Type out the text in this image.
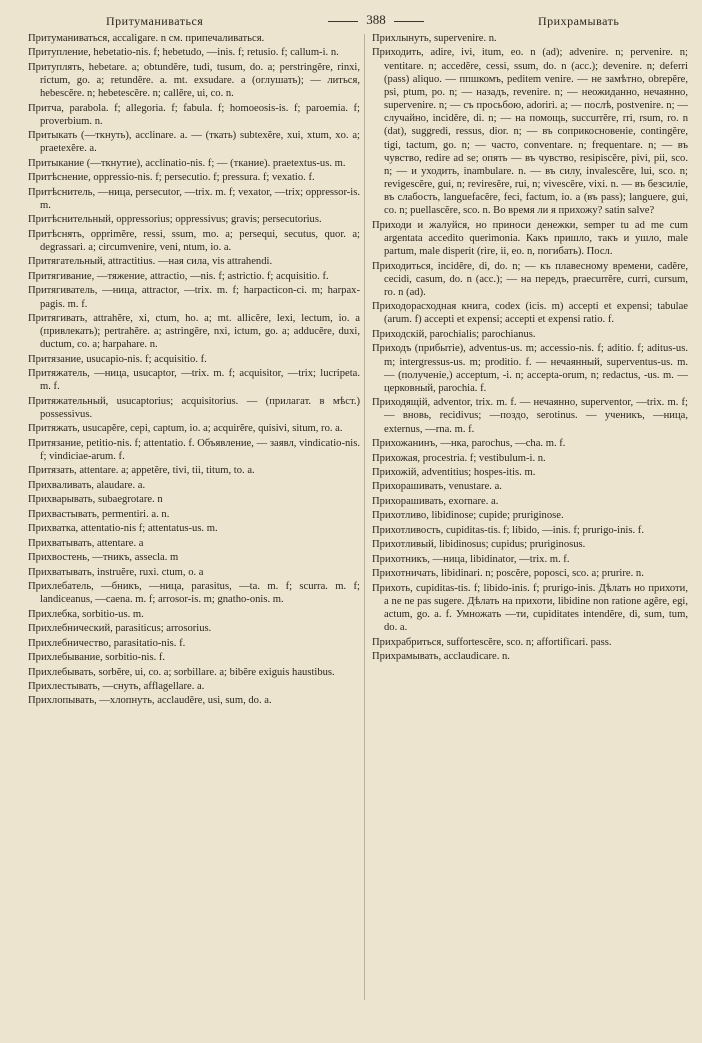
Притуманиваться	388	Прихрамывать

Притуманиваться, accaligare. n см. припечаливаться.

Притупление, hebetatio-nis. f; hebetudo, —inis. f; retusio. f; callum-i. n.

Притуплять, hebetare. a; obtundĕre, tudi, tusum, do. a; perstringĕre, rinxi, rictum, go. a; retundĕre. a. mt. exsudare. a (оглушать); — литься, hebescĕre. n; hebetescĕre. n; callĕre, ui, co. n.

Притча, parabola. f; allegoria. f; fabula. f; homoeosis-is. f; paroemia. f; proverbium. n.

Притыкать (—ткнуть), acclinare. a. — (ткать) subtexĕre, xui, xtum, xo. a; praetexĕre. a.

Притыкание (—ткнутие), acclinatio-nis. f; — (ткание). praetextus-us. m.

Притѣснение, oppressio-nis. f; persecutio. f; pressura. f; vexatio. f.

Притѣснитель, —ница, persecutor, —trix. m. f; vexator, —trix; oppressor-is. m.

Притѣснительный, oppressorius; oppressivus; gravis; persecutorius.

Притѣснять, opprimĕre, ressi, ssum, mo. a; persequi, secutus, quor. a; degrassari. a; circumvenire, veni, ntum, io. a.

Притягательный, attractitius. —ная сила, vis attrahendi.

Притягивание, —тяжение, attractio, —nis. f; astrictio. f; acquisitio. f.

Притягиватель, —ница, attractor, —trix. m. f; harpacticon-ci. m; harpax-pagis. m. f.

Притягивать, attrahĕre, xi, ctum, ho. a; mt. allicĕre, lexi, lectum, io. a (привлекать); pertrahĕre. a; astringĕre, nxi, ictum, go. a; adducĕre, duxi, ductum, co. a; harpahare. n.

Притязание, usucapio-nis. f; acquisitio. f.

Притяжатель, —ница, usucaptor, —trix. m. f; acquisitor, —trix; lucripeta. m. f.

Притяжательный, usucaptorius; acquisitorius. — (прилагат. в мѣст.) possessivus.

Притяжать, usucapĕre, cepi, captum, io. a; acquirĕre, quisivi, situm, ro. a.

Притязание, petitio-nis. f; attentatio. f. Объявление, — заявл, vindicatio-nis. f; vindiciae-arum. f.

Притязать, attentare. a; appetĕre, tivi, tii, titum, to. a.

Прихваливать, alaudare. a.

Прихварывать, subaegrotare. n

Прихвастывать, permentiri. a. n.

Прихватка, attentatio-nis f; attentatus-us. m.

Прихватывать, attentare. a

Прихвостень, —тникъ, assecla. m

Прихватывать, instruĕre, ruxi. ctum, o. a

Прихлебатель, —бникъ, —ница, parasitus, —ta. m. f; scurra. m. f; landiceanus, —caena. m. f; arrosor-is. m; gnatho-onis. m.

Прихлебка, sorbitio-us. m.

Прихлебнический, parasiticus; arrosorius.

Прихлебничество, parasitatio-nis. f.

Прихлебывание, sorbitio-nis. f.

Прихлебывать, sorbĕre, ui, co. a; sorbillare. a; bibĕre exiguis haustibus.

Прихлестывать, —снуть, afflagellare. a.

Прихлопывать, —хлопнуть, acclaudĕre, usi, sum, do. a.

Прихлынуть, supervenire. n.

Приходить, adire, ivi, itum, eo. n (ad); advenire. n; pervenire. n; ventitare. n; accedĕre, cessi, ssum, do. n (acc.); devenire. n; deferri (pass) aliquo. — ппшкомъ, peditem venire. — не замѣтно, obrepĕre, psi, ptum, po. n; — назадъ, revenire. n; — неожиданно, нечаянно, supervenire. n; — съ просьбою, adoriri. a; — послѣ, postvenire. n; — случайно, incidĕre, di. n; — на помощь, succurrĕre, rri, rsum, ro. n (dat), suggredi, ressus, dior. n; — въ соприкосновеніе, contingĕre, tigi, tactum, go. n; — часто, conventare. n; frequentare. n; — въ чувство, redire ad se; опять — въ чувство, resipiscĕre, pivi, pii, sco. n; — и уходить, inambulare. n. — въ силу, invalescĕre, lui, sco. n; revigescĕre, gui, n; reviresĕre, rui, n; vivescĕre, vixi. n. — въ безсиліе, въ слабость, languefacĕre, feci, factum, io. a (въ pass); languere, gui, co. n; puellascĕre, sco. n. Во время ли я прихожу? satin salve?

Приходи и жалуйся, но приноси денежки, semper tu ad me cum argentata accedito querimonia. Какъ пришло, такъ и ушло, male partum, male disperit (rire, ii, eo. n, погибать). Посл.

Приходиться, incidĕre, di, do. n; — къ плавесному времени, cadĕre, cecidi, casum, do. n (acc.); — на передъ, praecurrĕre, curri, cursum, ro. n (ad).

Приходорасходная книга, codex (icis. m) accepti et expensi; tabulae (arum. f) accepti et expensi; accepti et expensi ratio. f.

Приходскій, parochialis; parochianus.

Приходъ (прибытіе), adventus-us. m; accessio-nis. f; aditio. f; aditus-us. m; intergressus-us. m; proditio. f. — нечаянный, superventus-us. m. — (полученіе,) acceptum, -i. n; accepta-orum, n; redactus, -us. m. — церковный, parochia. f.

Приходящій, adventor, trix. m. f. — нечаянно, superventor, —trix. m. f; — вновь, recidivus; —поздо, serotinus. — ученикъ, —ница, externus, —rna. m. f.

Прихожанинъ, —нка, parochus, —cha. m. f.

Прихожая, procestria. f; vestibulum-i. n.

Прихожій, adventitius; hospes-itis. m.

Прихорашивать, venustare. a.

Прихорашивать, exornare. a.

Прихотливо, libidinose; cupide; pruriginose.

Прихотливость, cupiditas-tis. f; libido, —inis. f; prurigo-inis. f.

Прихотливый, libidinosus; cupidus; pruriginosus.

Прихотникъ, —ница, libidinator, —trix. m. f.

Прихотничать, libidinari. n; poscĕre, poposci, sco. a; prurire. n.

Прихоть, cupiditas-tis. f; libido-inis. f; prurigo-inis. Дѣлать но прихоти, a ne ne pas sugere. Дѣлать на прихоти, libidine non ratione agĕre, egi, actum, go. a. f. Умножать —ти, cupiditates intendĕre, di, sum, tum, do. a.

Прихрабриться, suffortescĕre, sco. n; affortificari. pass.

Прихрамывать, acclaudicare. n.
